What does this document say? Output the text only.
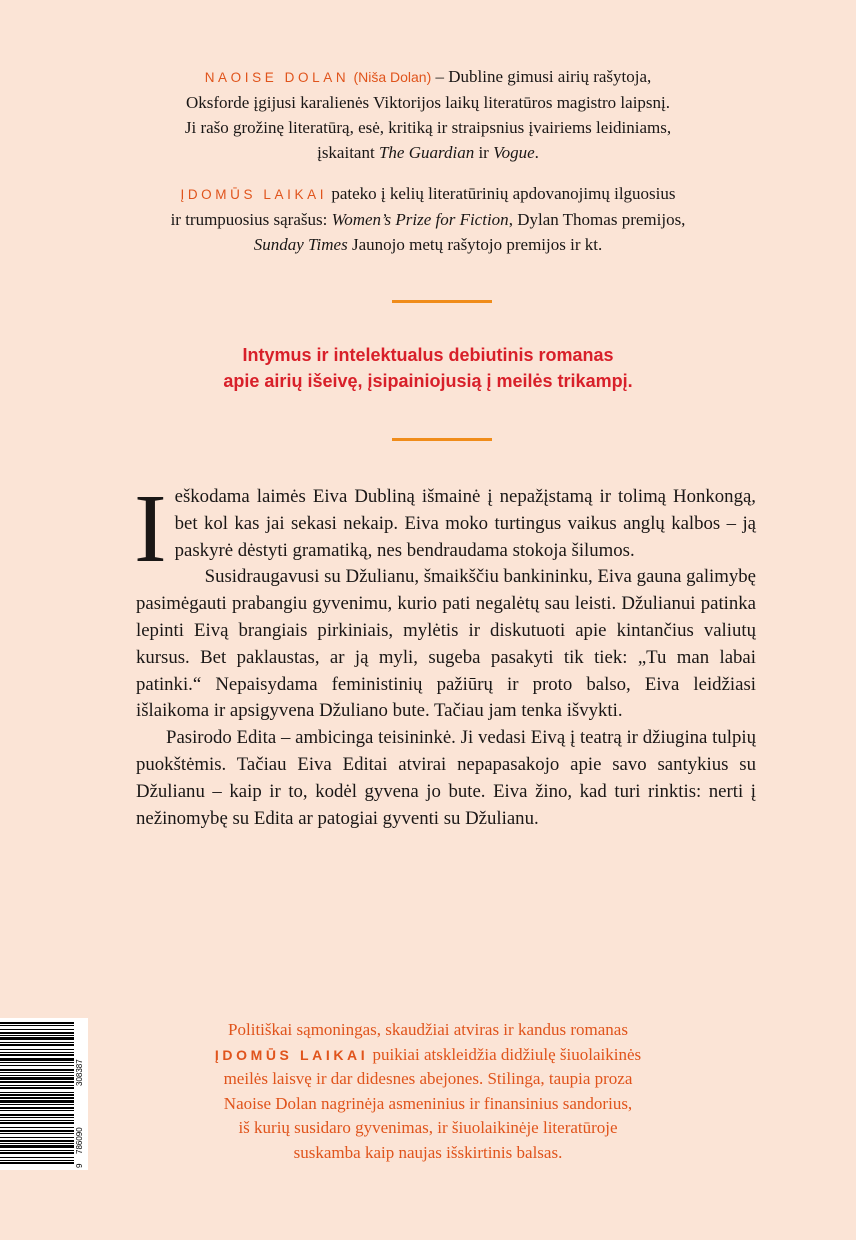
NAOISE DOLAN (Niša Dolan) – Dubline gimusi airių rašytoja,
Oksforde įgijusi karalienės Viktorijos laikų literatūros magistro laipsnį.
Ji rašo grožinę literatūrą, esė, kritiką ir straipsnius įvairiems leidiniams,
įskaitant The Guardian ir Vogue.

ĮDOMŪS LAIKAI pateko į kelių literatūrinių apdovanojimų ilguosius
ir trumpuosius sąrašus: Women’s Prize for Fiction, Dylan Thomas premijos,
Sunday Times Jaunojo metų rašytojo premijos ir kt.

Intymus ir intelektualus debiutinis romanas
apie airių išeivę, įsipainiojusią į meilės trikampį.

Ieškodama laimės Eiva Dubliną išmainė į nepažįstamą ir tolimą Honkongą, bet kol kas jai sekasi nekaip. Eiva moko turtingus vaikus anglų kalbos – ją paskyrė dėstyti gramatiką, nes bendraudama stokoja šilumos.

Susidraugavusi su Džulianu, šmaikščiu bankininku, Eiva gauna galimybę pasimėgauti prabangiu gyvenimu, kurio pati negalėtų sau leisti. Džulianui patinka lepinti Eivą brangiais pirkiniais, mylėtis ir diskutuoti apie kintančius valiutų kursus. Bet paklaustas, ar ją myli, sugeba pasakyti tik tiek: „Tu man labai patinki.“ Nepaisydama feministinių pažiūrų ir proto balso, Eiva leidžiasi išlaikoma ir apsigyvena Džuliano bute. Tačiau jam tenka išvykti.

Pasirodo Edita – ambicinga teisininkė. Ji vedasi Eivą į teatrą ir džiugina tulpių puokštėmis. Tačiau Eiva Editai atvirai nepapasakojo apie savo santykius su Džulianu – kaip ir to, kodėl gyvena jo bute. Eiva žino, kad turi rinktis: nerti į nežinomybę su Edita ar patogiai gyventi su Džulianu.

9
786090
308387
Politiškai sąmoningas, skaudžiai atviras ir kandus romanas
ĮDOMŪS LAIKAI puikiai atskleidžia didžiulę šiuolaikinės
meilės laisvę ir dar didesnes abejones. Stilinga, taupia proza
Naoise Dolan nagrinėja asmeninius ir finansinius sandorius,
iš kurių susidaro gyvenimas, ir šiuolaikinėje literatūroje
suskamba kaip naujas išskirtinis balsas.
